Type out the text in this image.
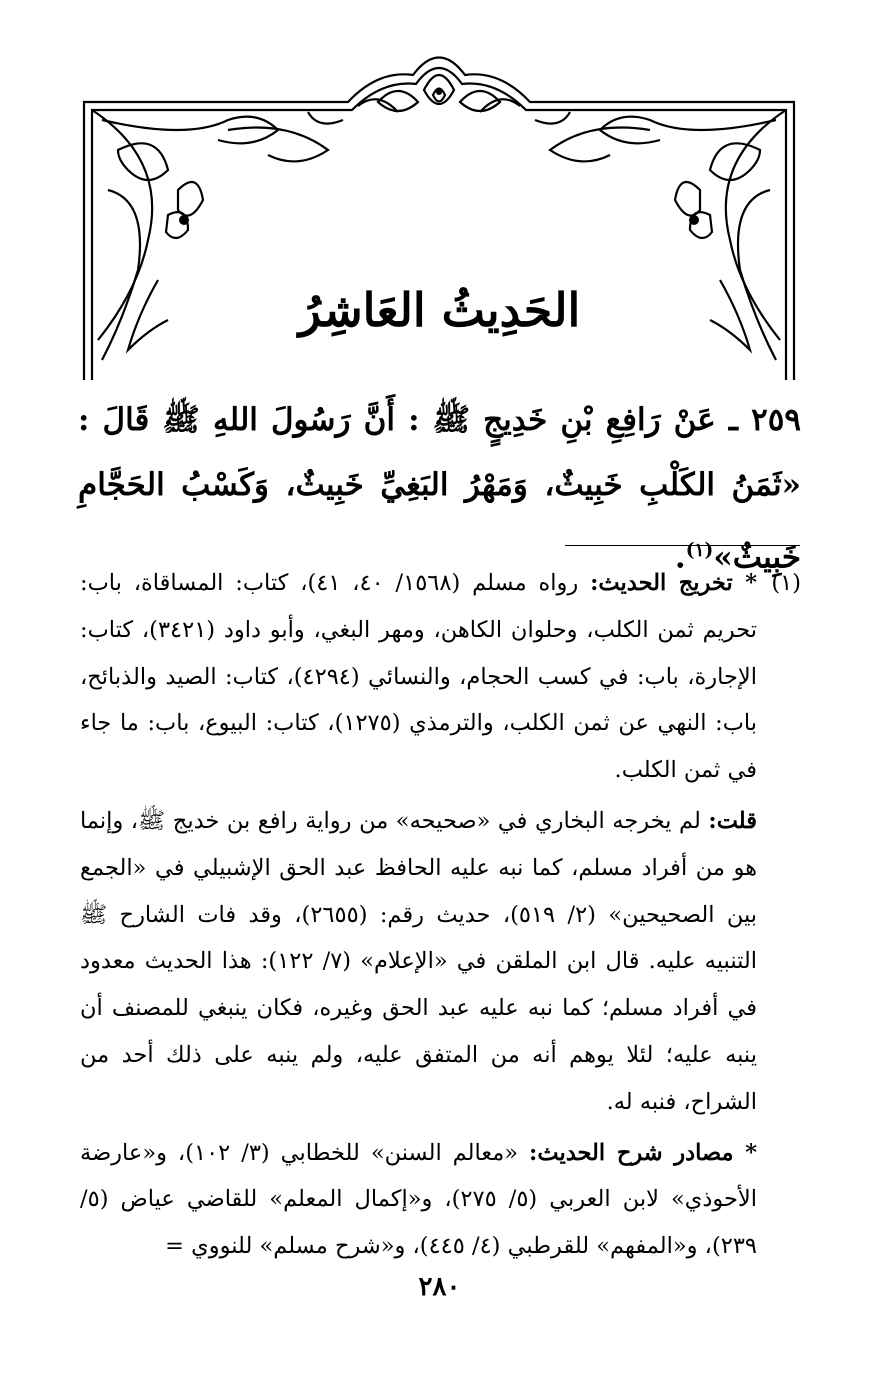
الحَدِيثُ العَاشِرُ
٢٥٩ ـ عَنْ رَافِعِ بْنِ خَدِيجٍ ﷺ : أَنَّ رَسُولَ اللهِ ﷺ قَالَ : «ثَمَنُ الكَلْبِ خَبِيثٌ، وَمَهْرُ البَغِيِّ خَبِيثٌ، وَكَسْبُ الحَجَّامِ خَبِيثٌ»$^{(١)}$.
(١)
* تخريج الحديث: رواه مسلم (١٥٦٨/ ٤٠، ٤١)، كتاب: المساقاة، باب: تحريم ثمن الكلب، وحلوان الكاهن، ومهر البغي، وأبو داود (٣٤٢١)، كتاب: الإجارة، باب: في كسب الحجام، والنسائي (٤٢٩٤)، كتاب: الصيد والذبائح، باب: النهي عن ثمن الكلب، والترمذي (١٢٧٥)، كتاب: البيوع، باب: ما جاء في ثمن الكلب.
قلت: لم يخرجه البخاري في «صحيحه» من رواية رافع بن خديج ﷺ، وإنما هو من أفراد مسلم، كما نبه عليه الحافظ عبد الحق الإشبيلي في «الجمع بين الصحيحين» (٢/ ٥١٩)، حديث رقم: (٢٦٥٥)، وقد فات الشارح ﷺ التنبيه عليه. قال ابن الملقن في «الإعلام» (٧/ ١٢٢): هذا الحديث معدود في أفراد مسلم؛ كما نبه عليه عبد الحق وغيره، فكان ينبغي للمصنف أن ينبه عليه؛ لئلا يوهم أنه من المتفق عليه، ولم ينبه على ذلك أحد من الشراح، فنبه له.
* مصادر شرح الحديث: «معالم السنن» للخطابي (٣/ ١٠٢)، و«عارضة الأحوذي» لابن العربي (٥/ ٢٧٥)، و«إكمال المعلم» للقاضي عياض (٥/ ٢٣٩)، و«المفهم» للقرطبي (٤/ ٤٤٥)، و«شرح مسلم» للنووي =
٢٨٠
